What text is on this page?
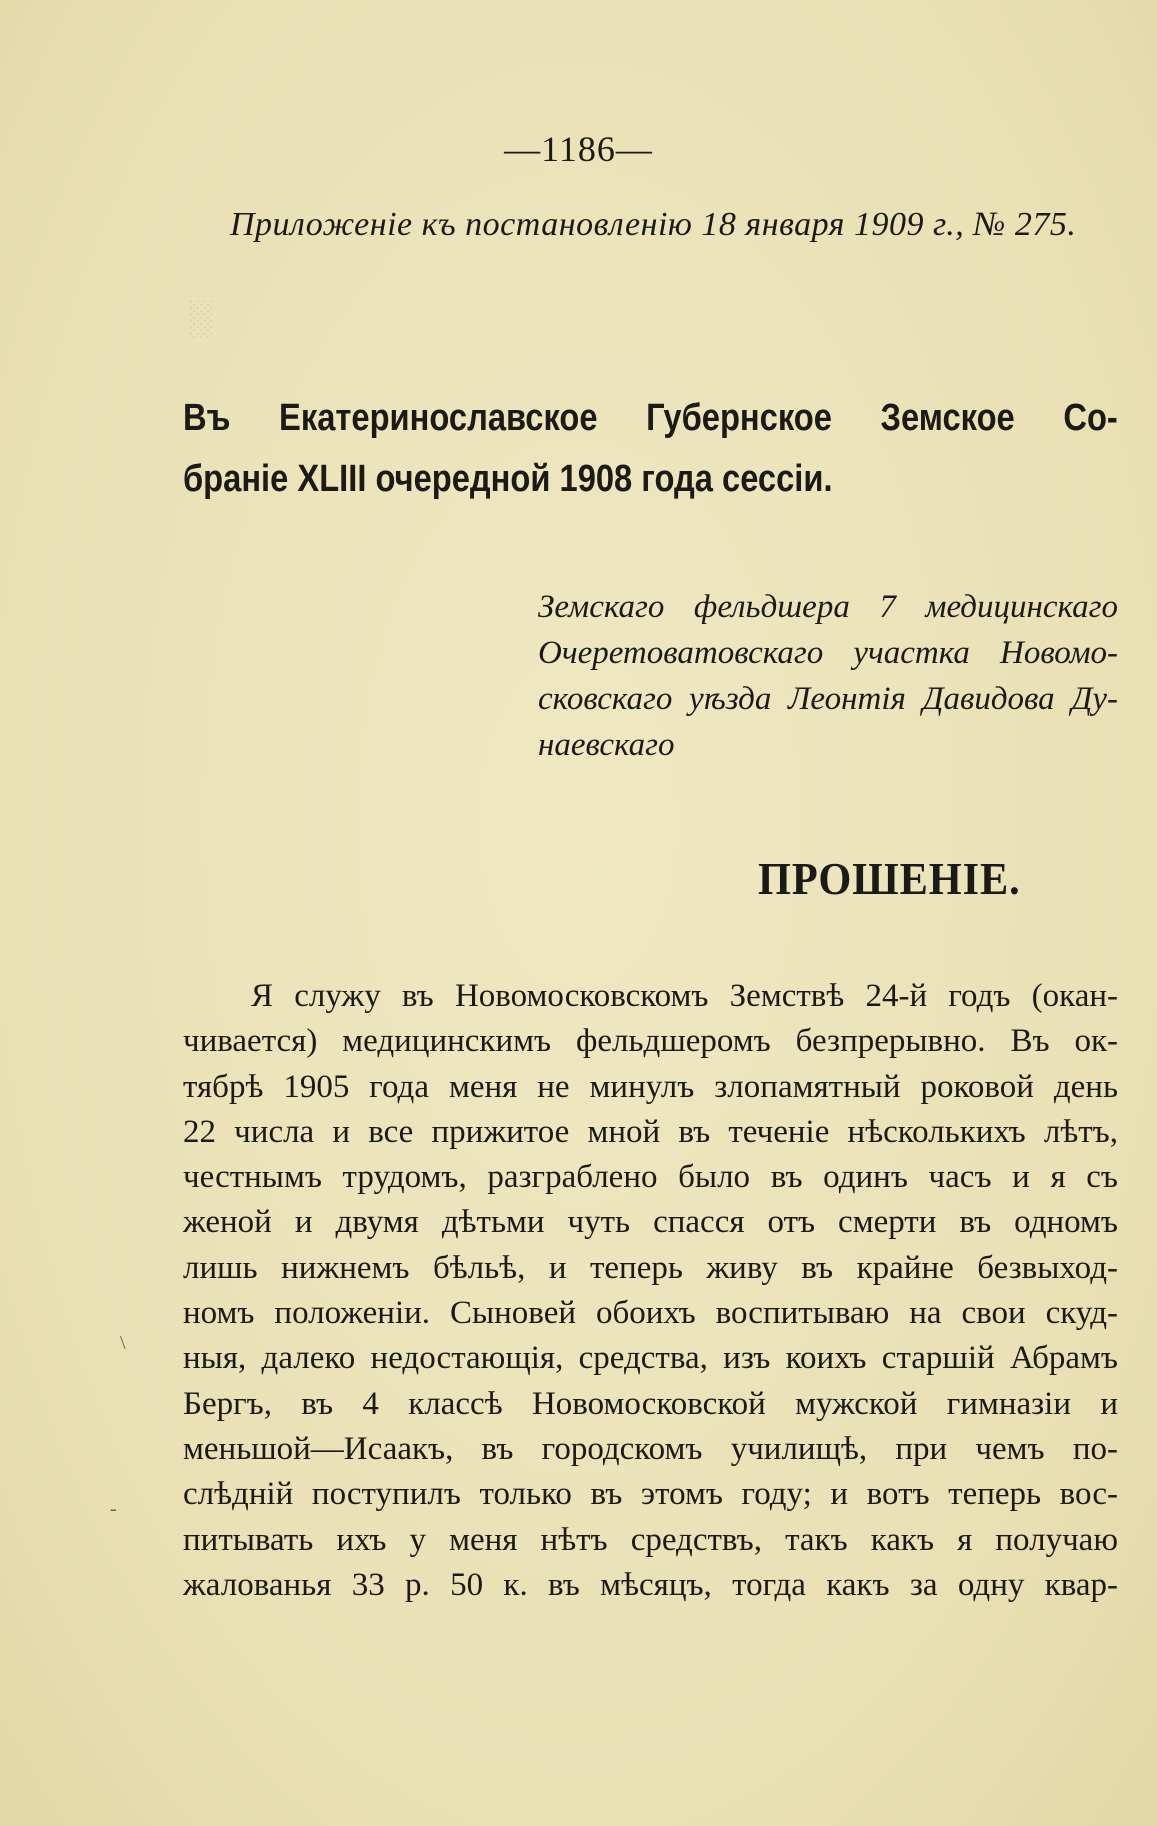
░
—1186—
Приложеніе къ постановленію 18 января 1909 г., № 275.
Въ Екатеринославское Губернское Земское Со-
браніе XLIII очередной 1908 года сессіи.
Земскаго фельдшера 7 медицинскаго
Очеретоватовскаго участка Новомо-
сковскаго уѣзда Леонтія Давидова Ду-
наевскаго
ПРОШЕНІЕ.
Я служу въ Новомосковскомъ Земствѣ 24-й годъ (окан-
чивается) медицинскимъ фельдшеромъ безпрерывно. Въ ок-
тябрѣ 1905 года меня не минулъ злопамятный роковой день
22 числа и все прижитое мной въ теченіе нѣсколькихъ лѣтъ,
честнымъ трудомъ, разграблено было въ одинъ часъ и я съ
женой и двумя дѣтьми чуть спасся отъ смерти въ одномъ
лишь нижнемъ бѣльѣ, и теперь живу въ крайне безвыход-
номъ положеніи. Сыновей обоихъ воспитываю на свои скуд-
ныя, далеко недостающія, средства, изъ коихъ старшій Абрамъ
Бергъ, въ 4 классѣ Новомосковской мужской гимназіи и
меньшой—Исаакъ, въ городскомъ училищѣ, при чемъ по-
слѣдній поступилъ только въ этомъ году; и вотъ теперь вос-
питывать ихъ у меня нѣтъ средствъ, такъ какъ я получаю
жалованья 33 р. 50 к. въ мѣсяцъ, тогда какъ за одну квар-
\
-
